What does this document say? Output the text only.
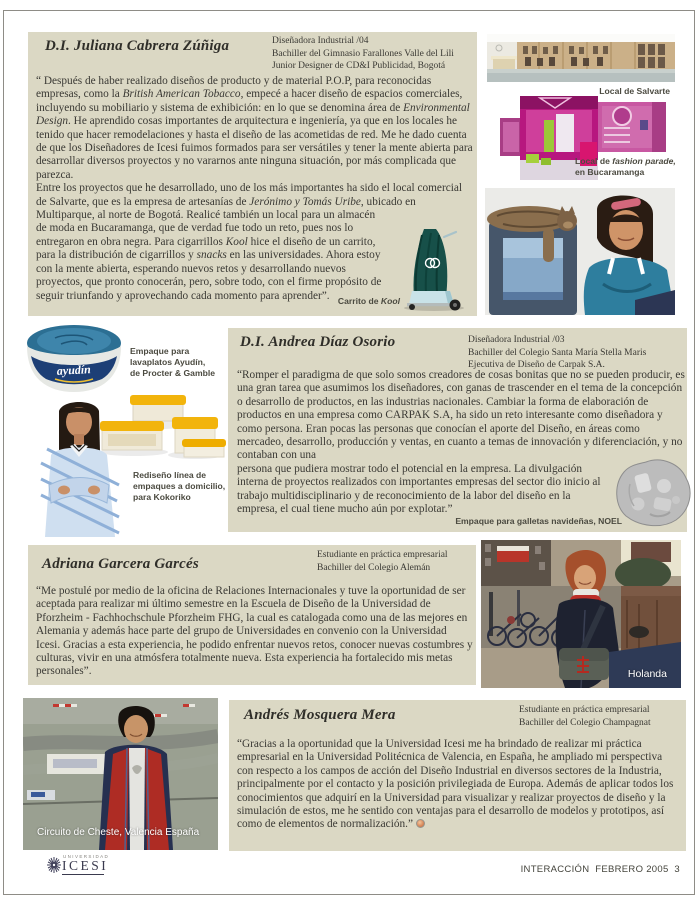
D.I. Juliana Cabrera Zúñiga	Diseñadora Industrial /04
Bachiller del Gimnasio Farallones Valle del Lili
Junior Designer de CD&I Publicidad, Bogotá
“ Después de haber realizado diseños de producto y de material P.O.P, para reconocidas empresas, como la British American Tobacco, empecé a hacer diseño de espacios comerciales, incluyendo su mobiliario y sistema de exhibición: en lo que se denomina área de Environmental Design. He aprendido cosas importantes de arquitectura e ingeniería, ya que en los locales he tenido que hacer remodelaciones y hasta el diseño de las acometidas de red. Me he dado cuenta de que los Diseñadores de Icesi fuimos formados para ser versátiles y tener la mente abierta para desarrollar diversos proyectos y no vararnos ante ninguna situación, por más complicada que parezca.
Entre los proyectos que he desarrollado, uno de los más importantes ha sido el local comercial de Salvarte, que es la empresa de artesanías de Jerónimo y Tomás Uribe, ubicado en Multiparque, al norte de Bogotá. Realicé también un local para un almacén
de moda en Bucaramanga, que de verdad fue todo un reto, pues nos lo entregaron en obra negra. Para cigarrillos Kool hice el diseño de un carrito, para la distribución de cigarrillos y snacks en las universidades. Ahora estoy con la mente abierta, esperando nuevos retos y desarrollando nuevos proyectos, que pronto conocerán, pero, sobre todo, con el firme propósito de seguir triunfando y aprovechando cada momento para aprender”. Carrito de Kool
Local de Salvarte
Local de fashion parade,
en Bucaramanga
D.I. Andrea Díaz Osorio	Diseñadora Industrial /03
Bachiller del Colegio Santa María Stella Maris
Ejecutiva de Diseño de Carpak S.A.
“Romper el paradigma de que solo somos creadores de cosas bonitas que no se pueden producir, es una gran tarea que asumimos los diseñadores, con ganas de trascender en el tema de la concepción o desarrollo de productos, en las industrias nacionales. Cambiar la forma de elaboración de productos en una empresa como CARPAK S.A, ha sido un reto interesante como diseñadora y como persona. Eran pocas las personas que conocían el aporte del Diseño, en áreas como mercadeo, desarrollo, producción y ventas, en cuanto a temas de innovación y diferenciación, y no contaban con una
persona que pudiera mostrar todo el potencial en la empresa. La divulgación interna de proyectos realizados con importantes empresas del sector dio inicio al trabajo multidisciplinario y de reconocimiento de la labor del diseño en la empresa, el cual tiene mucho aún por explotar.”
ayudín
Empaque para
lavaplatos Ayudín,
de Procter & Gamble
Rediseño línea de
empaques a domicilio,
para Kokoriko
Empaque para galletas navideñas, NOEL
Adriana Garcera Garcés
Estudiante en práctica empresarial
Bachiller del Colegio Alemán
“Me postulé por medio de la oficina de Relaciones Internacionales y tuve la oportunidad de ser aceptada para realizar mi último semestre en la Escuela de Diseño de la Universidad de Pforzheim - Fachhochschule Pforzheim FHG, la cual es catalogada como una de las mejores en Alemania y además hace parte del grupo de Universidades en convenio con la Universidad Icesi. Gracias a esta experiencia, he podido enfrentar nuevos retos, conocer nuevas costumbres y culturas, vivir en una atmósfera totalmente nueva. Esta experiencia ha fortalecido mis metas personales”.	Holanda
Andrés Mosquera Mera	Estudiante en práctica empresarial
Bachiller del Colegio Champagnat
“Gracias a la oportunidad que la Universidad Icesi me ha brindado de realizar mi práctica empresarial en la Universidad Politécnica de Valencia, en España, he ampliado mi perspectiva con respecto a los campos de acción del Diseño Industrial en diversos sectores de la Industria, principalmente por el contacto y la posición privilegiada de Europa. Además de aplicar todos los conocimientos que adquirí en la Universidad para visualizar y realizar proyectos de diseño y la simulación de estos, me he sentido con ventajas para el desarrollo de modelos y prototipos, así como de elementos de normalización.”
Circuito de Cheste, Valencia España
UNIVERSIDAD
ICESI	INTERACCIÓN  FEBRERO 2005  3
